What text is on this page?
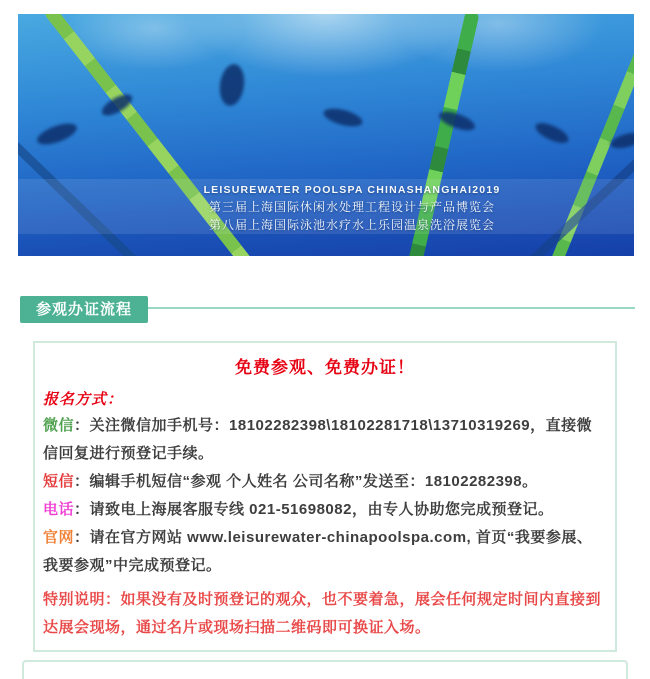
LEISUREWATER POOLSPA CHINASHANGHAI2019
第三届上海国际休闲水处理工程设计与产品博览会
第八届上海国际泳池水疗水上乐园温泉洗浴展览会
参观办证流程
免费参观、免费办证！
报名方式：

微信：关注微信加手机号：18102282398\18102281718\13710319269，直接微信回复进行预登记手续。

短信：编辑手机短信“参观 个人姓名 公司名称”发送至：18102282398。

电话：请致电上海展客服专线 021-51698082，由专人协助您完成预登记。

官网：请在官方网站 www.leisurewater-chinapoolspa.com, 首页“我要参展、我要参观”中完成预登记。

特别说明：如果没有及时预登记的观众，也不要着急，展会任何规定时间内直接到达展会现场，通过名片或现场扫描二维码即可换证入场。
